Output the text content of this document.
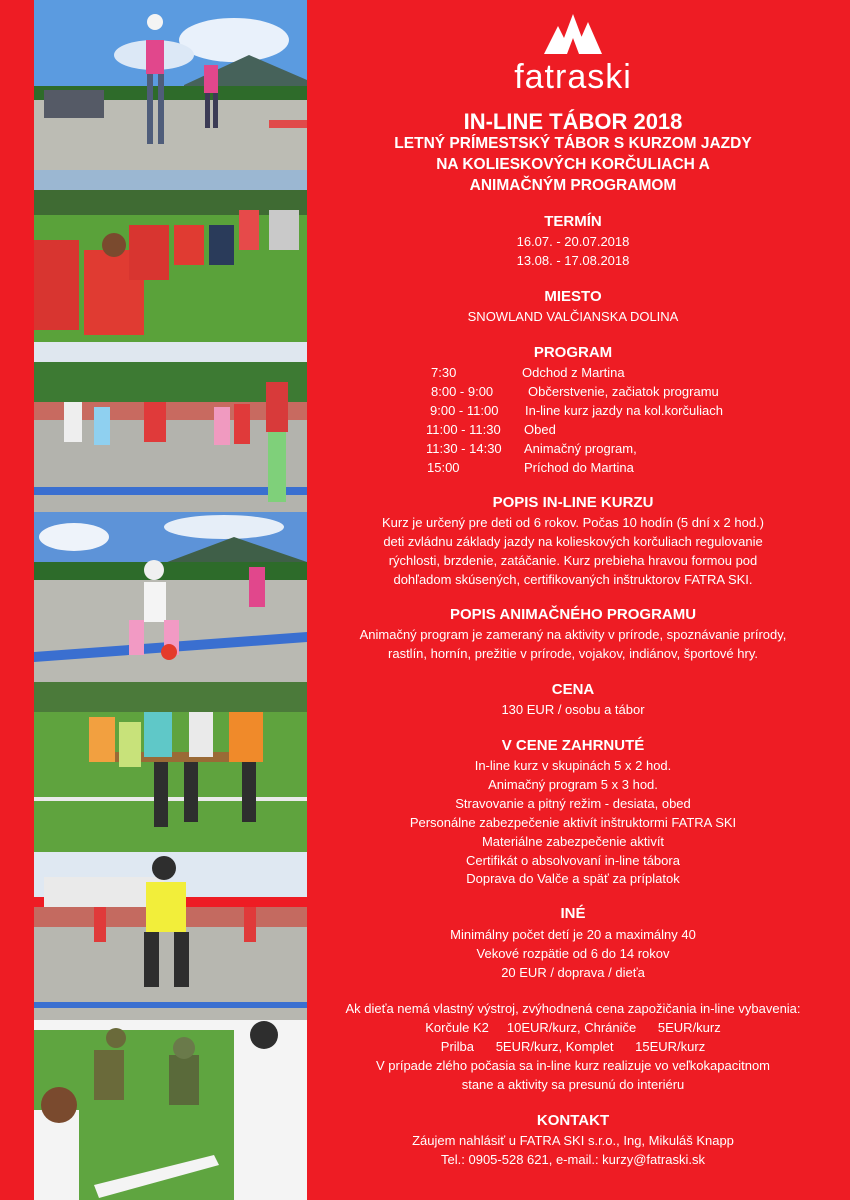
fatraski
IN-LINE TÁBOR 2018
LETNÝ PRÍMESTSKÝ TÁBOR S KURZOM JAZDY
NA KOLIESKOVÝCH KORČULIACH A
ANIMAČNÝM PROGRAMOM
TERMÍN
16.07. - 20.07.2018
13.08. - 17.08.2018
MIESTO
SNOWLAND VALČIANSKA DOLINA
PROGRAM
7:30	Odchod z Martina
8:00 - 9:00	Občerstvenie, začiatok programu
9:00 - 11:00 In-line kurz jazdy na kol.korčuliach
11:00 - 11:30 Obed
11:30 - 14:30 Animačný program,
15:00	Príchod do Martina
POPIS IN-LINE KURZU
Kurz je určený pre deti od 6 rokov. Počas 10 hodín (5 dní x 2 hod.)
deti zvládnu základy jazdy na kolieskových korčuliach regulovanie
rýchlosti, brzdenie, zatáčanie. Kurz prebieha hravou formou pod
dohľadom skúsených, certifikovaných inštruktorov FATRA SKI.
POPIS ANIMAČNÉHO PROGRAMU
Animačný program je zameraný na aktivity v prírode, spoznávanie prírody,
rastlín, hornín, prežitie v prírode, vojakov, indiánov, športové hry.
CENA
130 EUR / osobu a tábor
V CENE ZAHRNUTÉ
In-line kurz v skupinách 5 x 2 hod.
Animačný program 5 x 3 hod.
Stravovanie a pitný režim - desiata, obed
Personálne zabezpečenie aktivít inštruktormi FATRA SKI
Materiálne zabezpečenie aktivít
Certifikát o absolvovaní in-line tábora
Doprava do Valče a späť za príplatok
INÉ
Minimálny počet detí je 20 a maximálny 40
Vekové rozpätie od 6 do 14 rokov
20 EUR / doprava / dieťa
Ak dieťa nemá vlastný výstroj, zvýhodnená cena zapožičania in-line vybavenia:
Korčule K2     10EUR/kurz, Chrániče      5EUR/kurz
Prilba      5EUR/kurz, Komplet      15EUR/kurz
V prípade zlého počasia sa in-line kurz realizuje vo veľkokapacitnom
stane a aktivity sa presunú do interiéru
KONTAKT
Záujem nahlásiť u FATRA SKI s.r.o., Ing, Mikuláš Knapp
Tel.: 0905-528 621, e-mail.: kurzy@fatraski.sk
